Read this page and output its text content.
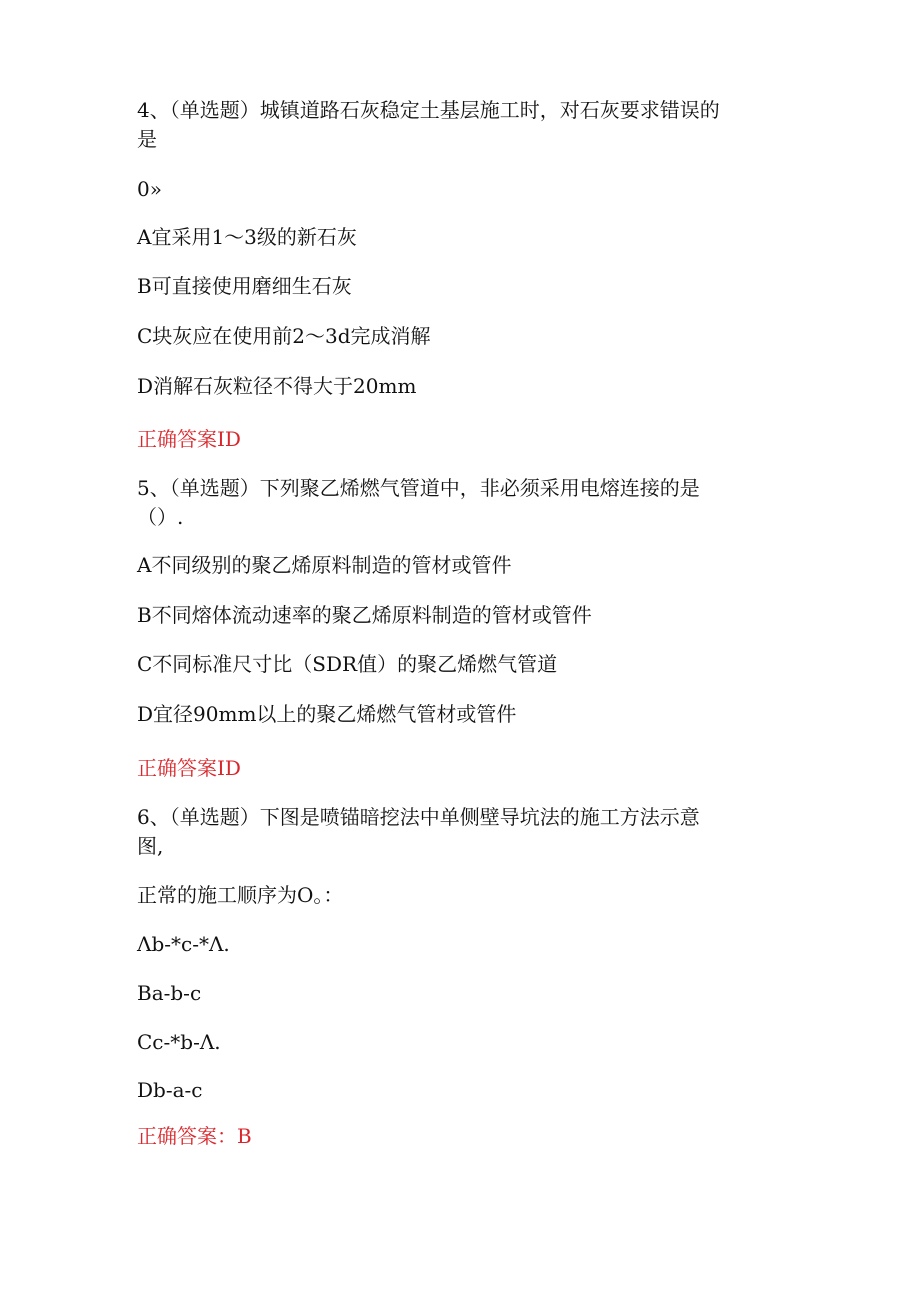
4、（单选题）城镇道路石灰稳定土基层施工时，对石灰要求错误的
是
0»
A宜采用1～3级的新石灰
B可直接使用磨细生石灰
C块灰应在使用前2～3d完成消解
D消解石灰粒径不得大于20mm
正确答案ID
5、（单选题）下列聚乙烯燃气管道中，非必须采用电熔连接的是
（）.
A不同级别的聚乙烯原料制造的管材或管件
B不同熔体流动速率的聚乙烯原料制造的管材或管件
C不同标准尺寸比（SDR值）的聚乙烯燃气管道
D宜径90mm以上的聚乙烯燃气管材或管件
正确答案ID
6、（单选题）下图是喷锚暗挖法中单侧壁导坑法的施工方法示意
图,
正常的施工顺序为O。：
Λb-*c-*Λ.
Ba-b-c
Cc-*b-Λ.
Db-a-c
正确答案：B
